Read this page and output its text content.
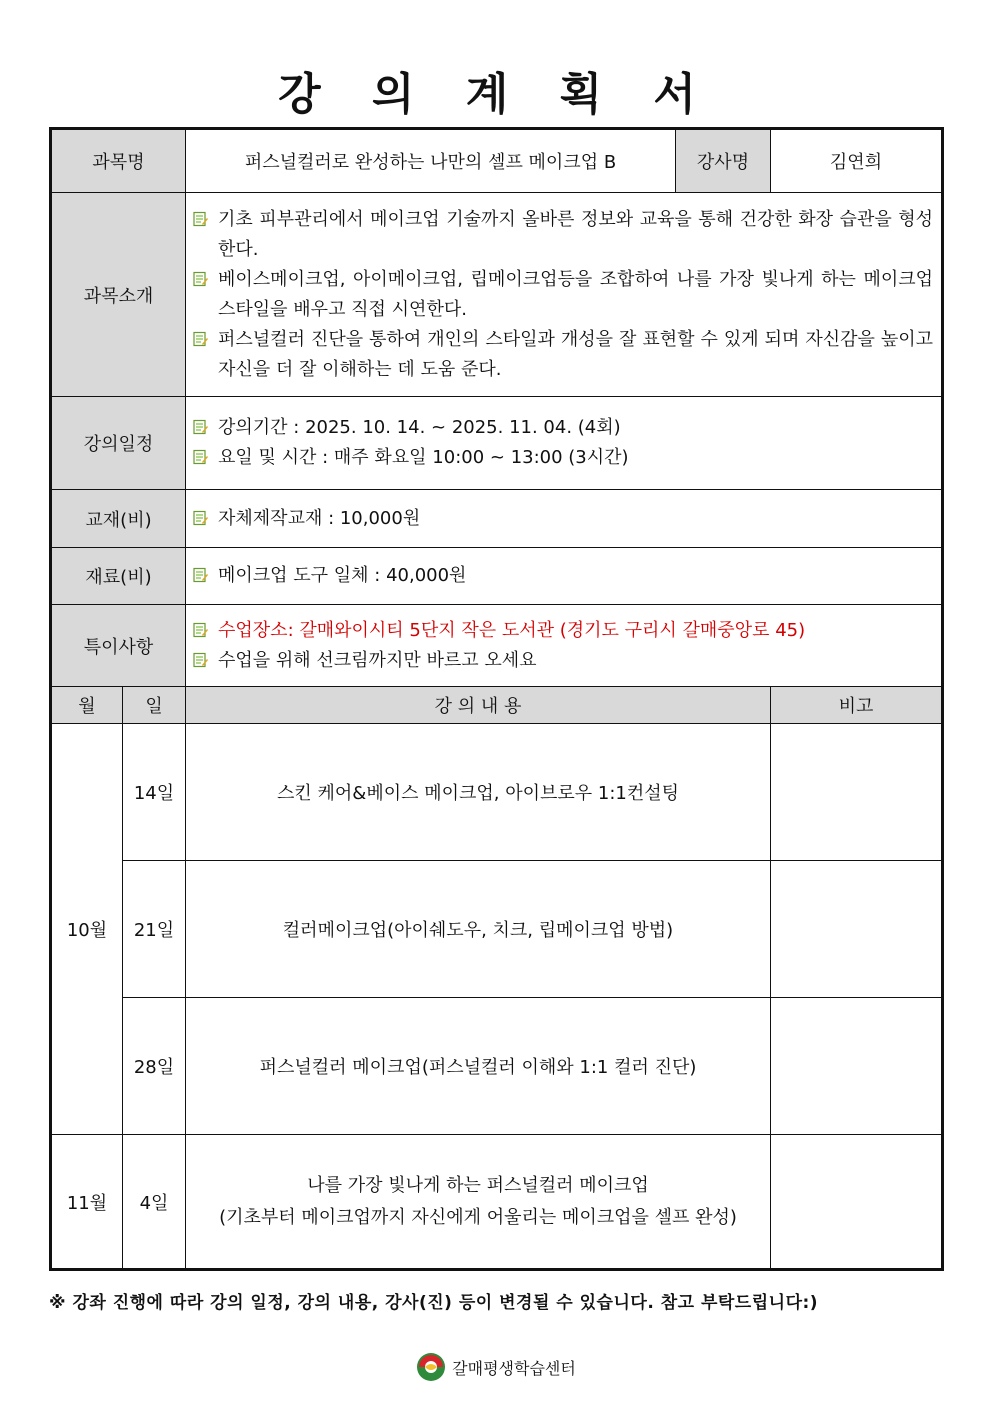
강 의 계 획 서
과목명		퍼스널컬러로 완성하는 나만의 셀프 메이크업 B	강사명	김연희
과목소개		기초 피부관리에서 메이크업 기술까지 올바른 정보와 교육을 통해 건강한 화장 습관을 형성한다.
베이스메이크업, 아이메이크업, 립메이크업등을 조합하여 나를 가장 빛나게 하는 메이크업 스타일을 배우고 직접 시연한다.
퍼스널컬러 진단을 통하여 개인의 스타일과 개성을 잘 표현할 수 있게 되며 자신감을 높이고 자신을 더 잘 이해하는 데 도움 준다.		

강의일정		강의기간 : 2025. 10. 14. ~ 2025. 11. 04. (4회)
요일 및 시간 : 매주 화요일 10:00 ~ 13:00 (3시간)		

교재(비)		자체제작교재 : 10,000원		

재료(비)		메이크업 도구 일체 : 40,000원		

특이사항		수업장소: 갈매와이시티 5단지 작은 도서관 (경기도 구리시 갈매중앙로 45)
수업을 위해 선크림까지만 바르고 오세요		

월	일	강 의 내 용		비고
10월	14일	스킨 케어&베이스 메이크업, 아이브로우 1:1컨설팅		
	21일	컬러메이크업(아이쉐도우, 치크, 립메이크업 방법)		
	28일	퍼스널컬러 메이크업(퍼스널컬러 이해와 1:1 컬러 진단)		
11월	4일	나를 가장 빛나게 하는 퍼스널컬러 메이크업
(기초부터 메이크업까지 자신에게 어울리는 메이크업을 셀프 완성)		

※ 강좌 진행에 따라 강의 일정, 강의 내용, 강사(진) 등이 변경될 수 있습니다. 참고 부탁드립니다:)
갈매평생학습센터
